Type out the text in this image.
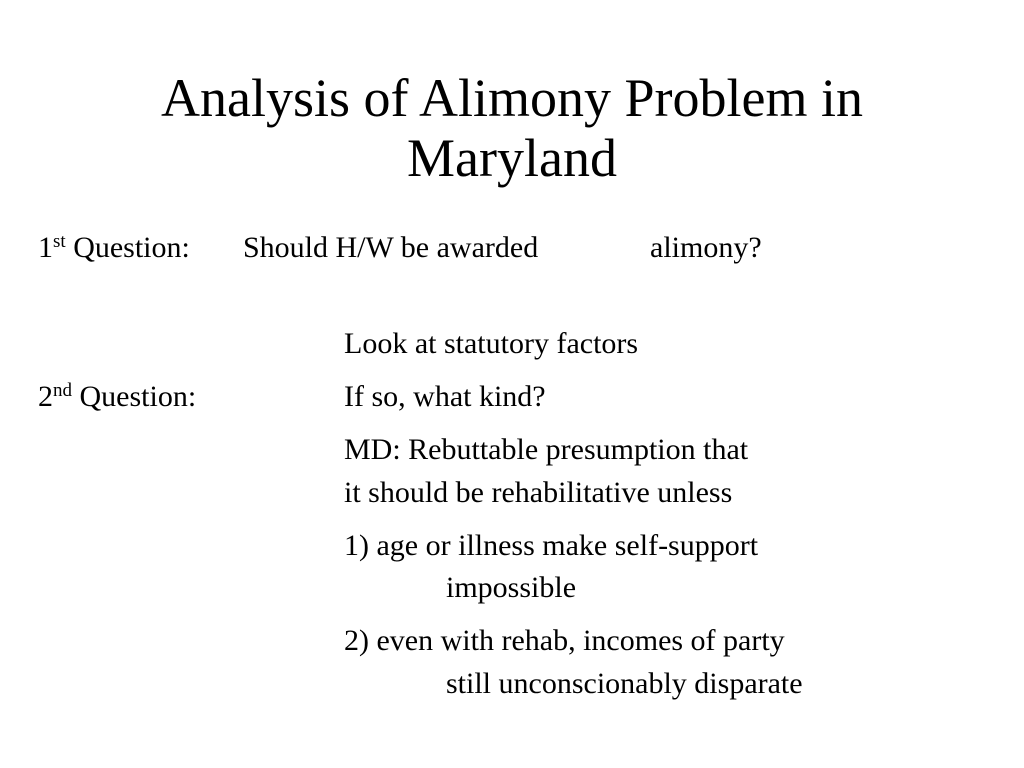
Analysis of Alimony Problem in
Maryland
1st Question: Should H/W be awarded	alimony?
Look at statutory factors
2nd Question:	If so, what kind?
MD: Rebuttable presumption that
it should be rehabilitative unless
1) age or illness make self-support
impossible
2) even with rehab, incomes of party
still unconscionably disparate
